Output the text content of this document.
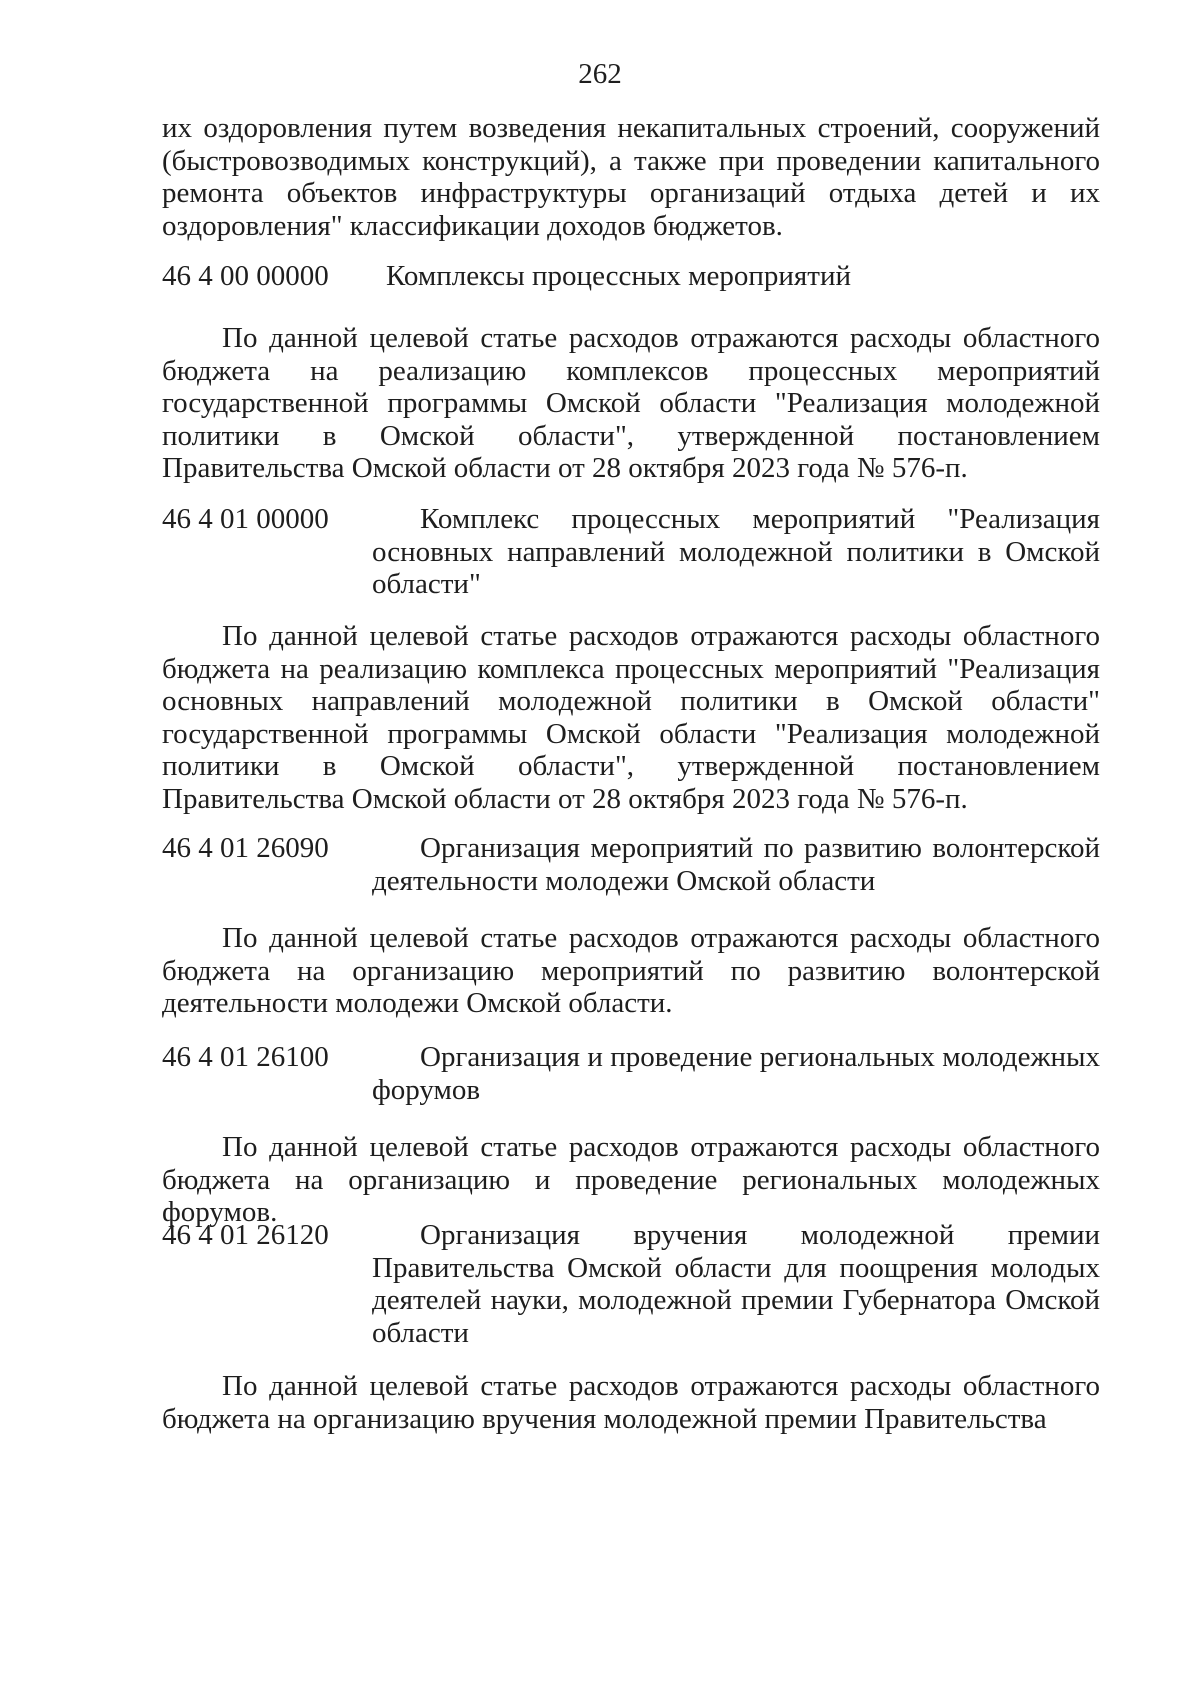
262

их оздоровления путем возведения некапитальных строений, сооружений (быстровозводимых конструкций), а также при проведении капитального ремонта объектов инфраструктуры организаций отдыха детей и их оздоровления" классификации доходов бюджетов.

46 4 00 00000	Комплексы процессных мероприятий

По данной целевой статье расходов отражаются расходы областного бюджета на реализацию комплексов процессных мероприятий государственной программы Омской области "Реализация молодежной политики в Омской области", утвержденной постановлением Правительства Омской области от 28 октября 2023 года № 576-п.

46 4 01 00000	Комплекс процессных мероприятий "Реализация основных направлений молодежной политики в Омской области"

По данной целевой статье расходов отражаются расходы областного бюджета на реализацию комплекса процессных мероприятий "Реализация основных направлений молодежной политики в Омской области" государственной программы Омской области "Реализация молодежной политики в Омской области", утвержденной постановлением Правительства Омской области от 28 октября 2023 года № 576-п.

46 4 01 26090	Организация мероприятий по развитию волонтерской деятельности молодежи Омской области

По данной целевой статье расходов отражаются расходы областного бюджета на организацию мероприятий по развитию волонтерской деятельности молодежи Омской области.

46 4 01 26100	Организация и проведение региональных молодежных форумов

По данной целевой статье расходов отражаются расходы областного бюджета на организацию и проведение региональных молодежных форумов.

46 4 01 26120	Организация вручения молодежной премии Правительства Омской области для поощрения молодых деятелей науки, молодежной премии Губернатора Омской области

По данной целевой статье расходов отражаются расходы областного бюджета на организацию вручения молодежной премии Правительства
